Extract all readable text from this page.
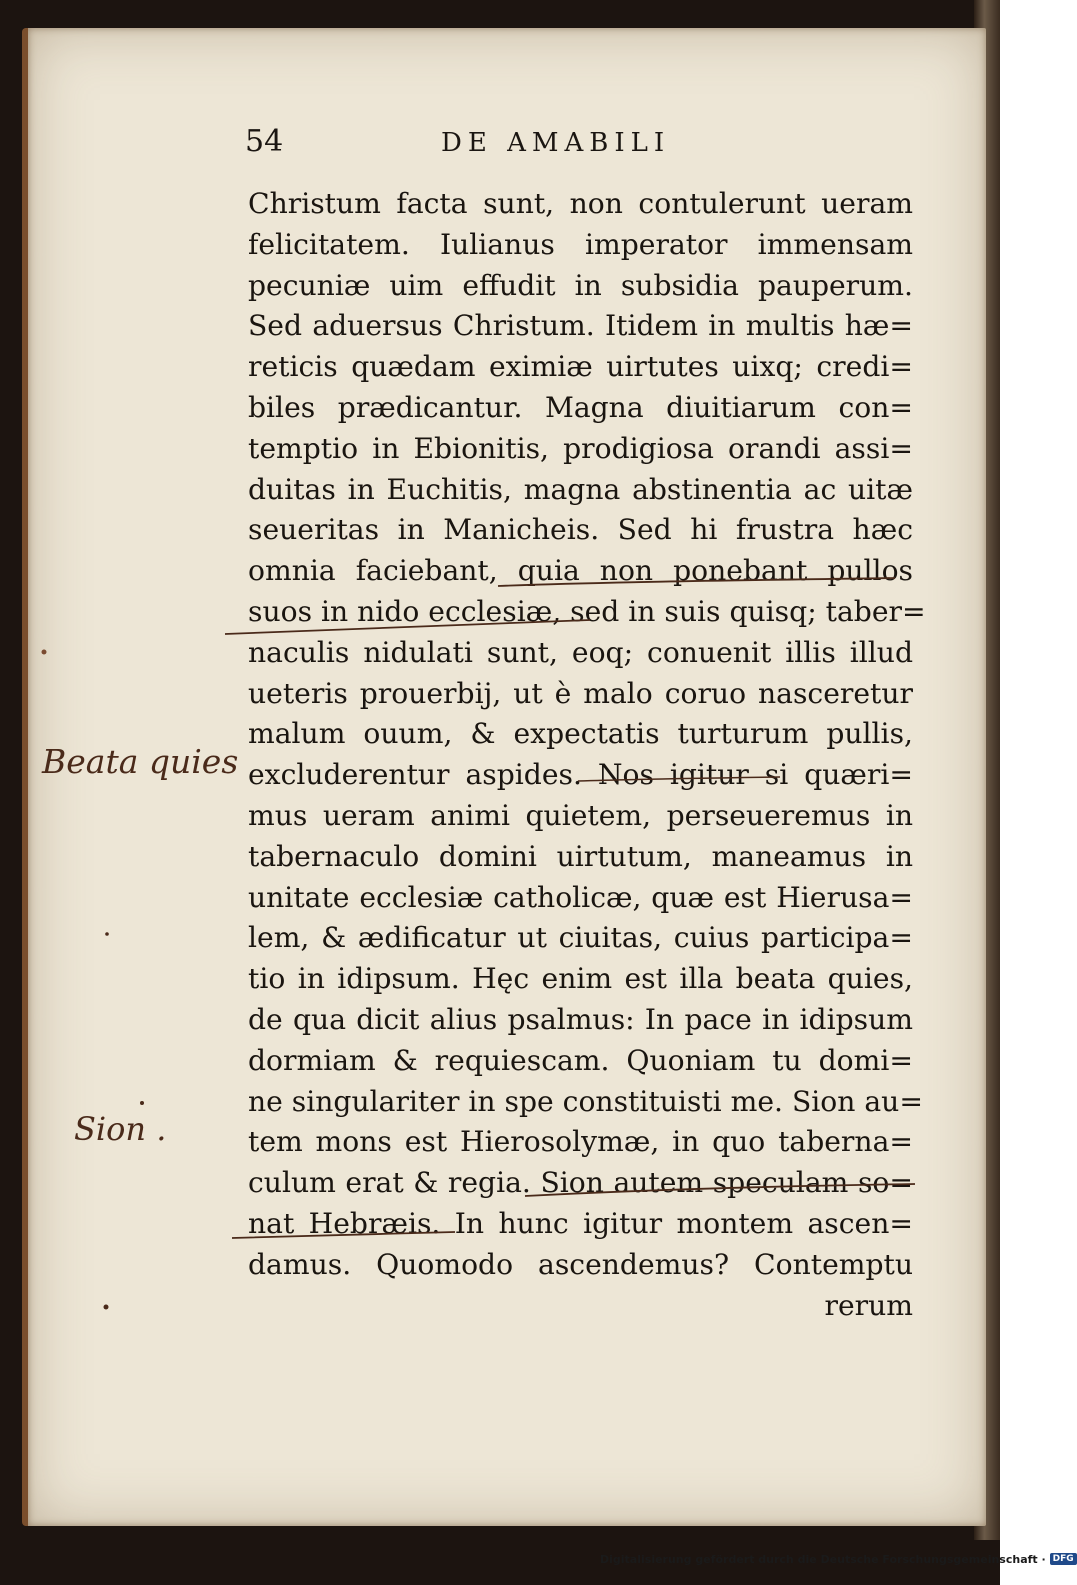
54	DE AMABILI
Christum facta sunt, non contulerunt ueram
felicitatem. Iulianus imperator immensam
pecuniæ uim effudit in subsidia pauperum.
Sed aduersus Christum. Itidem in multis hæ=
reticis quædam eximiæ uirtutes uixq; credi=
biles prædicantur. Magna diuitiarum con=
temptio in Ebionitis, prodigiosa orandi assi=
duitas in Euchitis, magna abstinentia ac uitæ
seueritas in Manicheis. Sed hi frustra hæc
omnia faciebant, quia non ponebant pullos
suos in nido ecclesiæ, sed in suis quisq; taber=
naculis nidulati sunt, eoq; conuenit illis illud
ueteris prouerbij, ut è malo coruo nasceretur
malum ouum, & expectatis turturum pullis,
excluderentur aspides. Nos igitur si quæri=
mus ueram animi quietem, perseueremus in
tabernaculo domini uirtutum, maneamus in
unitate ecclesiæ catholicæ, quæ est Hierusa=
lem, & ædificatur ut ciuitas, cuius participa=
tio in idipsum. Hęc enim est illa beata quies,
de qua dicit alius psalmus: In pace in idipsum
dormiam & requiescam. Quoniam tu domi=
ne singulariter in spe constituisti me. Sion au=
tem mons est Hierosolymæ, in quo taberna=
culum erat & regia. Sion autem speculam so=
nat Hebræis. In hunc igitur montem ascen=
damus. Quomodo ascendemus? Contemptu
rerum
Beata quies
Sion .
Digitalisierung gefördert durch die Deutsche Forschungsgemeinschaft · DFG
